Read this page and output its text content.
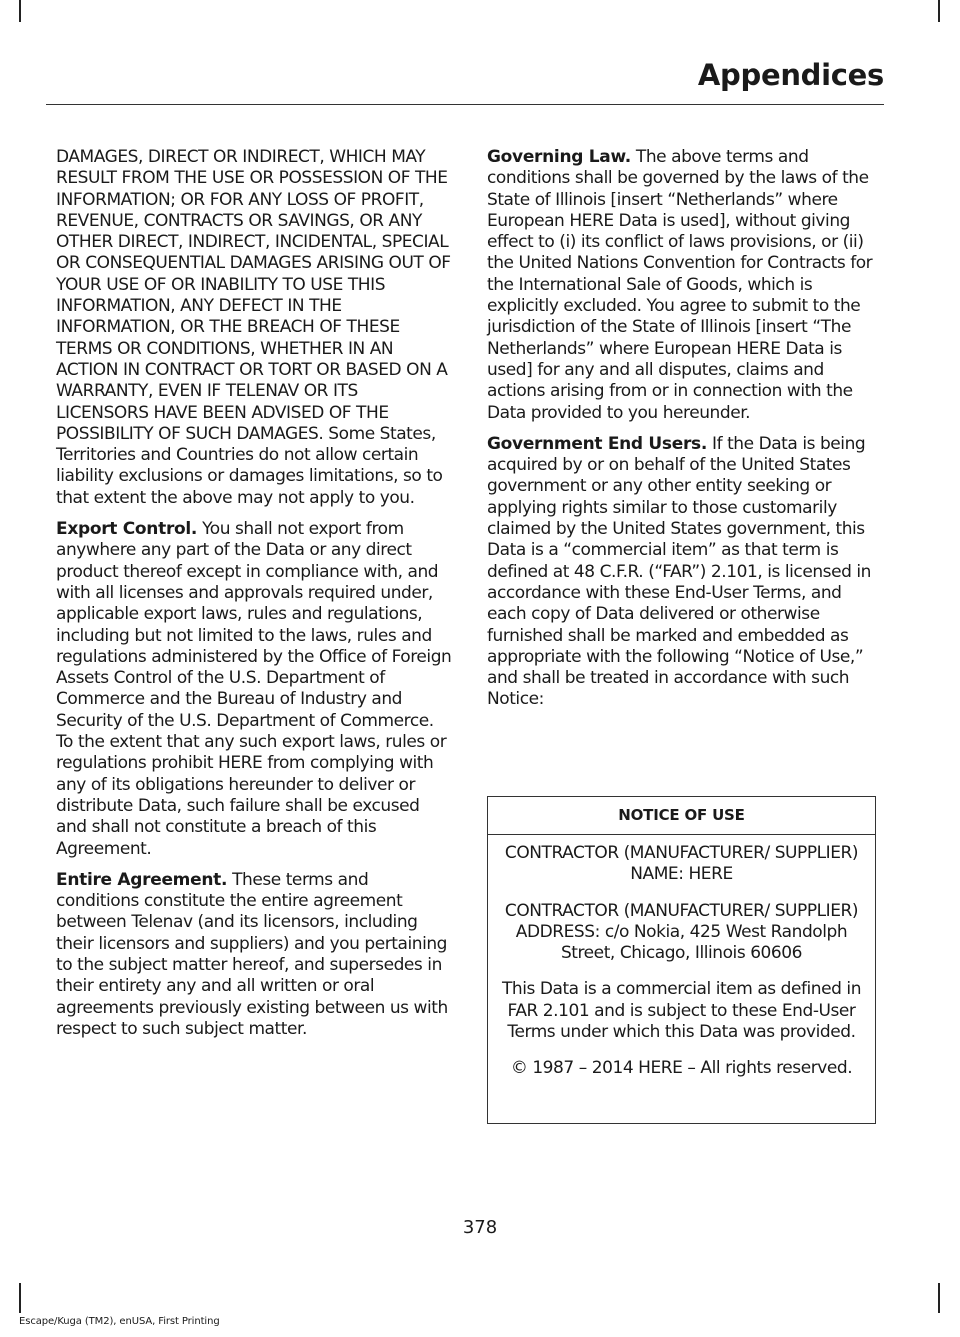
Appendices

DAMAGES, DIRECT OR INDIRECT, WHICH MAY RESULT FROM THE USE OR POSSESSION OF THE INFORMATION; OR FOR ANY LOSS OF PROFIT, REVENUE, CONTRACTS OR SAVINGS, OR ANY OTHER DIRECT, INDIRECT, INCIDENTAL, SPECIAL OR CONSEQUENTIAL DAMAGES ARISING OUT OF YOUR USE OF OR INABILITY TO USE THIS INFORMATION, ANY DEFECT IN THE INFORMATION, OR THE BREACH OF THESE TERMS OR CONDITIONS, WHETHER IN AN ACTION IN CONTRACT OR TORT OR BASED ON A WARRANTY, EVEN IF TELENAV OR ITS LICENSORS HAVE BEEN ADVISED OF THE POSSIBILITY OF SUCH DAMAGES. Some States, Territories and Countries do not allow certain liability exclusions or damages limitations, so to that extent the above may not apply to you.

Export Control. You shall not export from anywhere any part of the Data or any direct product thereof except in compliance with, and with all licenses and approvals required under, applicable export laws, rules and regulations, including but not limited to the laws, rules and regulations administered by the Office of Foreign Assets Control of the U.S. Department of Commerce and the Bureau of Industry and Security of the U.S. Department of Commerce. To the extent that any such export laws, rules or regulations prohibit HERE from complying with any of its obligations hereunder to deliver or distribute Data, such failure shall be excused and shall not constitute a breach of this Agreement.

Entire Agreement. These terms and conditions constitute the entire agreement between Telenav (and its licensors, including their licensors and suppliers) and you pertaining to the subject matter hereof, and supersedes in their entirety any and all written or oral agreements previously existing between us with respect to such subject matter.

Governing Law. The above terms and conditions shall be governed by the laws of the State of Illinois [insert “Netherlands” where European HERE Data is used], without giving effect to (i) its conflict of laws provisions, or (ii) the United Nations Convention for Contracts for the International Sale of Goods, which is explicitly excluded. You agree to submit to the jurisdiction of the State of Illinois [insert “The Netherlands” where European HERE Data is used] for any and all disputes, claims and actions arising from or in connection with the Data provided to you hereunder.

Government End Users. If the Data is being acquired by or on behalf of the United States government or any other entity seeking or applying rights similar to those customarily claimed by the United States government, this Data is a “commercial item” as that term is defined at 48 C.F.R. (“FAR”) 2.101, is licensed in accordance with these End-User Terms, and each copy of Data delivered or otherwise furnished shall be marked and embedded as appropriate with the following “Notice of Use,” and shall be treated in accordance with such Notice:

NOTICE OF USE

CONTRACTOR (MANUFACTURER/ SUPPLIER) NAME: HERE

CONTRACTOR (MANUFACTURER/ SUPPLIER) ADDRESS: c/o Nokia, 425 West Randolph Street, Chicago, Illinois 60606

This Data is a commercial item as defined in FAR 2.101 and is subject to these End-User Terms under which this Data was provided.

© 1987 – 2014 HERE – All rights reserved.

378
Escape/Kuga (TM2), enUSA, First Printing
